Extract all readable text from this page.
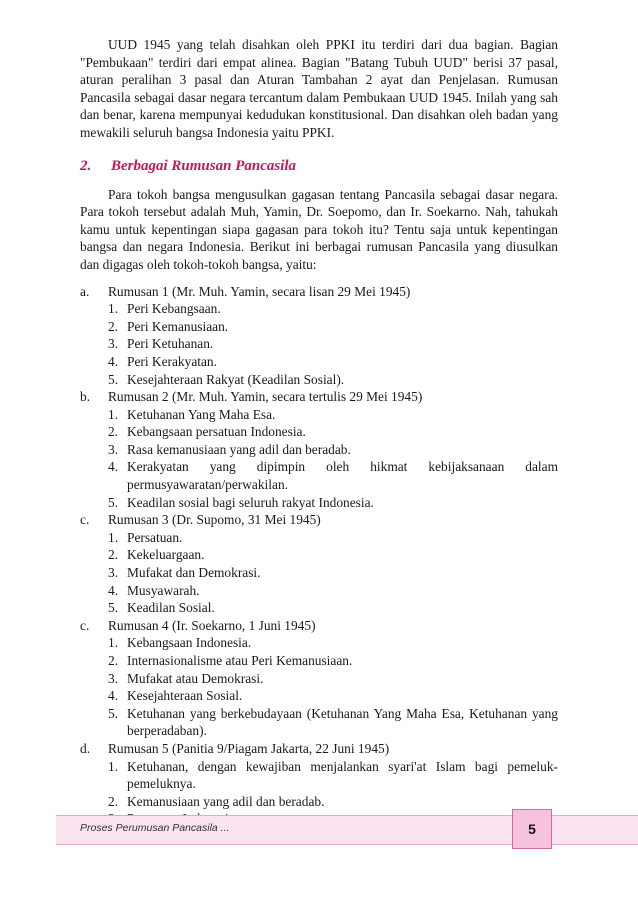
UUD 1945 yang telah disahkan oleh PPKI itu terdiri dari dua bagian. Bagian "Pembukaan" terdiri dari empat alinea. Bagian "Batang Tubuh UUD" berisi 37 pasal, aturan peralihan 3 pasal dan Aturan Tambahan 2 ayat dan Penjelasan. Rumusan Pancasila sebagai dasar negara tercantum dalam Pembukaan UUD 1945. Inilah yang sah dan benar, karena mempunyai kedudukan konstitusional. Dan disahkan oleh badan yang mewakili seluruh bangsa Indonesia yaitu PPKI.

2. Berbagai Rumusan Pancasila

Para tokoh bangsa mengusulkan gagasan tentang Pancasila sebagai dasar negara. Para tokoh tersebut adalah Muh, Yamin, Dr. Soepomo, dan Ir. Soekarno. Nah, tahukah kamu untuk kepentingan siapa gagasan para tokoh itu? Tentu saja untuk kepentingan bangsa dan negara Indonesia. Berikut ini berbagai rumusan Pancasila yang diusulkan dan digagas oleh tokoh-tokoh bangsa, yaitu:

a. Rumusan 1 (Mr. Muh. Yamin, secara lisan 29 Mei 1945)
1. Peri Kebangsaan.
2. Peri Kemanusiaan.
3. Peri Ketuhanan.
4. Peri Kerakyatan.
5. Kesejahteraan Rakyat (Keadilan Sosial).
b. Rumusan 2 (Mr. Muh. Yamin, secara tertulis 29 Mei 1945)
1. Ketuhanan Yang Maha Esa.
2. Kebangsaan persatuan Indonesia.
3. Rasa kemanusiaan yang adil dan beradab.
4. Kerakyatan yang dipimpin oleh hikmat kebijaksanaan dalam permusyawaratan/perwakilan.
5. Keadilan sosial bagi seluruh rakyat Indonesia.
c. Rumusan 3 (Dr. Supomo, 31 Mei 1945)
1. Persatuan.
2. Kekeluargaan.
3. Mufakat dan Demokrasi.
4. Musyawarah.
5. Keadilan Sosial.
c. Rumusan 4 (Ir. Soekarno, 1 Juni 1945)
1. Kebangsaan Indonesia.
2. Internasionalisme atau Peri Kemanusiaan.
3. Mufakat atau Demokrasi.
4. Kesejahteraan Sosial.
5. Ketuhanan yang berkebudayaan (Ketuhanan Yang Maha Esa, Ketuhanan yang berperadaban).
d. Rumusan 5 (Panitia 9/Piagam Jakarta, 22 Juni 1945)
1. Ketuhanan, dengan kewajiban menjalankan syari'at Islam bagi pemeluk-pemeluknya.
2. Kemanusiaan yang adil dan beradab.
Proses Perumusan Pancasila ...	5
